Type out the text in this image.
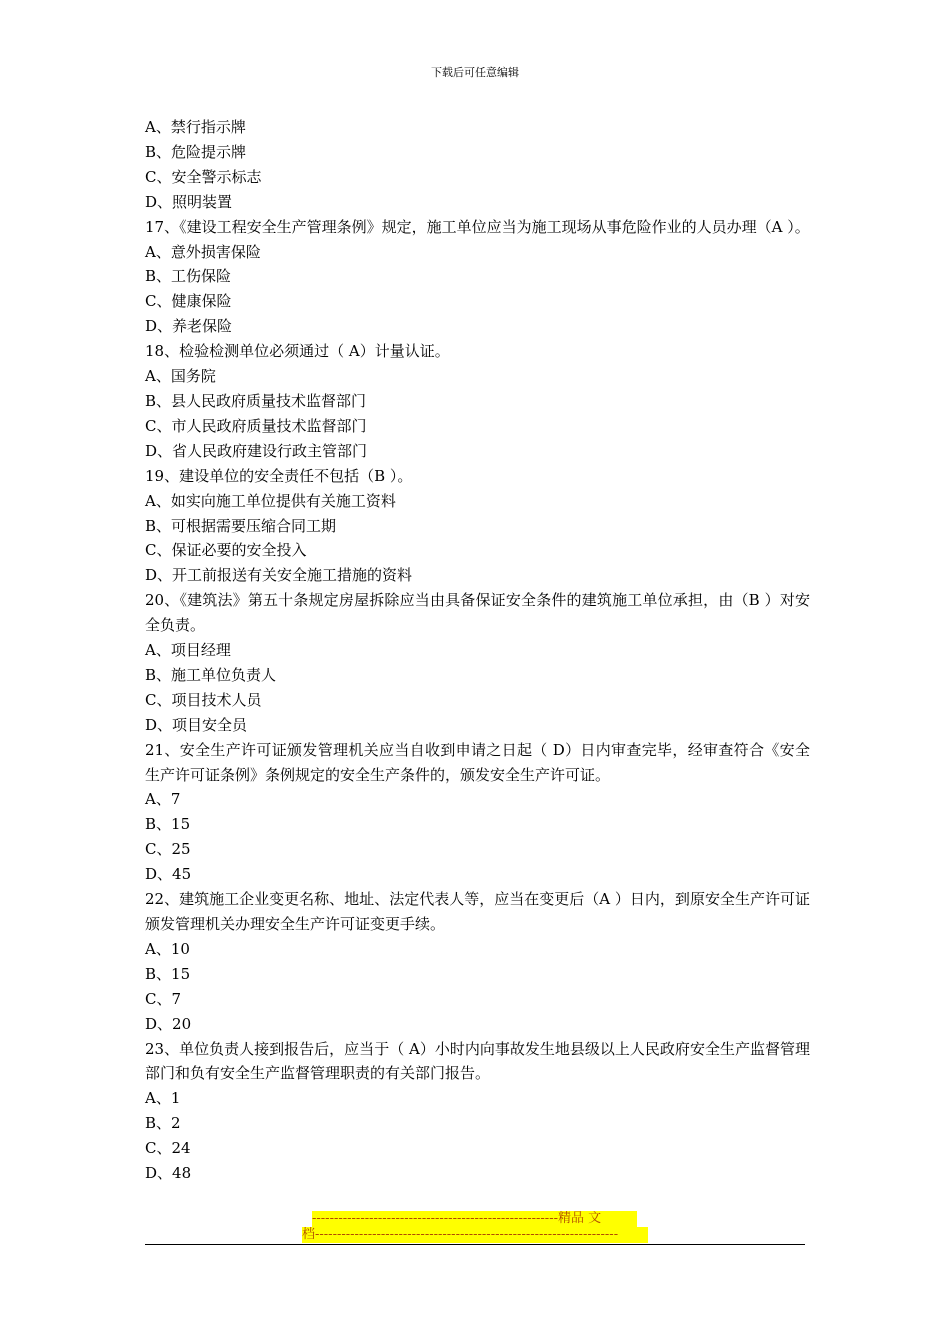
下载后可任意编辑
A、禁行指示牌
B、危险提示牌
C、安全警示标志
D、照明装置
17、《建设工程安全生产管理条例》规定，施工单位应当为施工现场从事危险作业的人员办理（A ）。
A、意外损害保险
B、工伤保险
C、健康保险
D、养老保险
18、检验检测单位必须通过（ A）计量认证。
A、国务院
B、县人民政府质量技术监督部门
C、市人民政府质量技术监督部门
D、省人民政府建设行政主管部门
19、建设单位的安全责任不包括（B ）。
A、如实向施工单位提供有关施工资料
B、可根据需要压缩合同工期
C、保证必要的安全投入
D、开工前报送有关安全施工措施的资料
20、《建筑法》第五十条规定房屋拆除应当由具备保证安全条件的建筑施工单位承担，由（B ）对安全负责。
A、项目经理
B、施工单位负责人
C、项目技术人员
D、项目安全员
21、安全生产许可证颁发管理机关应当自收到申请之日起（ D）日内审查完毕，经审查符合《安全生产许可证条例》条例规定的安全生产条件的，颁发安全生产许可证。
A、7
B、15
C、25
D、45
22、建筑施工企业变更名称、地址、法定代表人等，应当在变更后（A ）日内，到原安全生产许可证颁发管理机关办理安全生产许可证变更手续。
A、10
B、15
C、7
D、20
23、单位负责人接到报告后，应当于（ A）小时内向事故发生地县级以上人民政府安全生产监督管理部门和负有安全生产监督管理职责的有关部门报告。
A、1
B、2
C、24
D、48
--------------------------------------------------------精品 文
档---------------------------------------------------------------------
